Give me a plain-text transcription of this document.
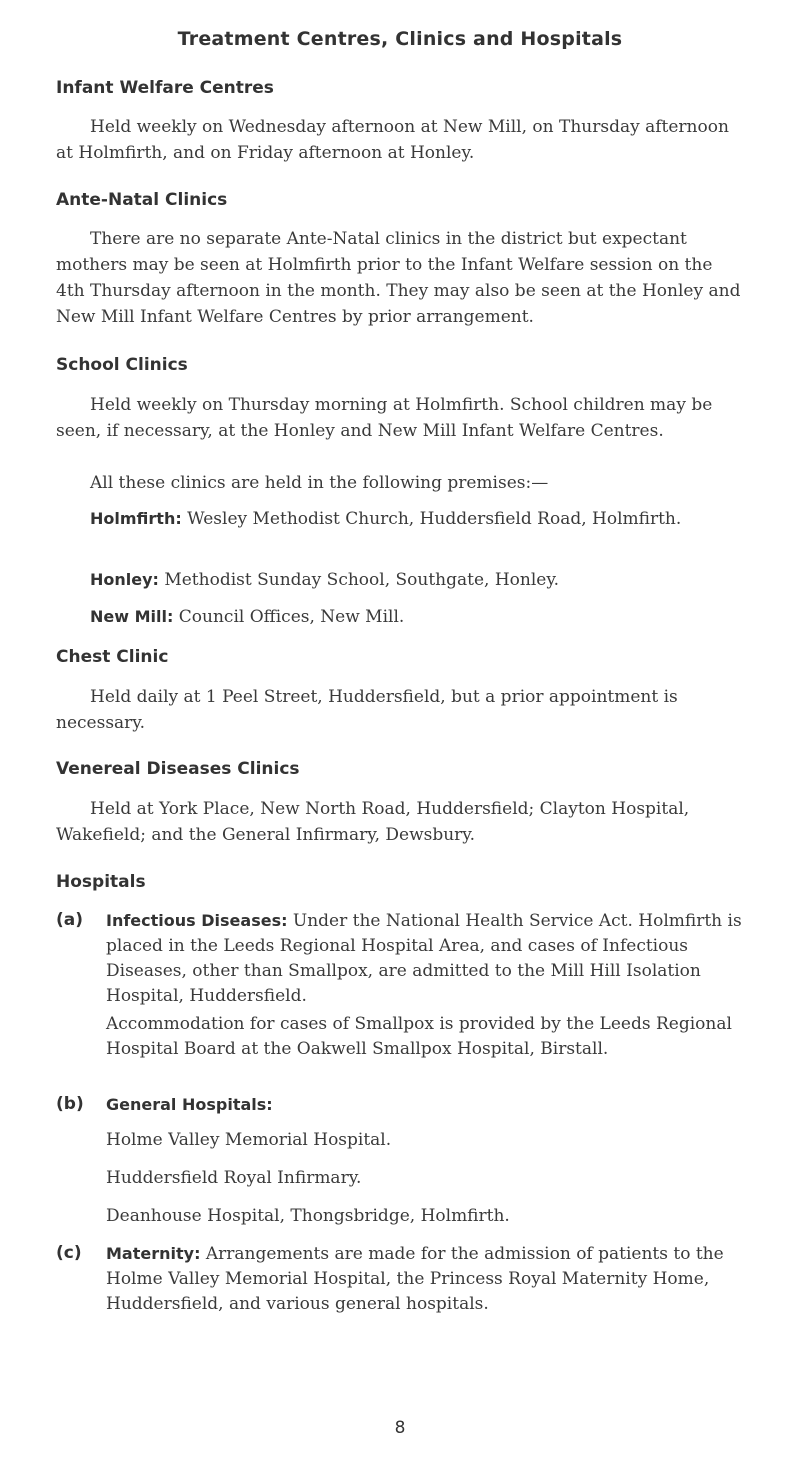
Treatment Centres, Clinics and Hospitals
Infant Welfare Centres
Held weekly on Wednesday afternoon at New Mill, on Thursday afternoon at Holmfirth, and on Friday afternoon at Honley.
Ante-Natal Clinics
There are no separate Ante-Natal clinics in the district but expectant mothers may be seen at Holmfirth prior to the Infant Welfare session on the 4th Thursday afternoon in the month. They may also be seen at the Honley and New Mill Infant Welfare Centres by prior arrangement.
School Clinics
Held weekly on Thursday morning at Holmfirth. School children may be seen, if necessary, at the Honley and New Mill Infant Welfare Centres.
All these clinics are held in the following premises:—
Holmfirth: Wesley Methodist Church, Huddersfield Road, Holmfirth.
Honley: Methodist Sunday School, Southgate, Honley.
New Mill: Council Offices, New Mill.
Chest Clinic
Held daily at 1 Peel Street, Huddersfield, but a prior appointment is necessary.
Venereal Diseases Clinics
Held at York Place, New North Road, Huddersfield; Clayton Hospital, Wakefield; and the General Infirmary, Dewsbury.
Hospitals
(a) Infectious Diseases: Under the National Health Service Act. Holmfirth is placed in the Leeds Regional Hospital Area, and cases of Infectious Diseases, other than Smallpox, are admitted to the Mill Hill Isolation Hospital, Huddersfield.
Accommodation for cases of Smallpox is provided by the Leeds Regional Hospital Board at the Oakwell Smallpox Hospital, Birstall.
(b) General Hospitals:
Holme Valley Memorial Hospital.
Huddersfield Royal Infirmary.
Deanhouse Hospital, Thongsbridge, Holmfirth.
(c) Maternity: Arrangements are made for the admission of patients to the Holme Valley Memorial Hospital, the Princess Royal Maternity Home, Huddersfield, and various general hospitals.
8
